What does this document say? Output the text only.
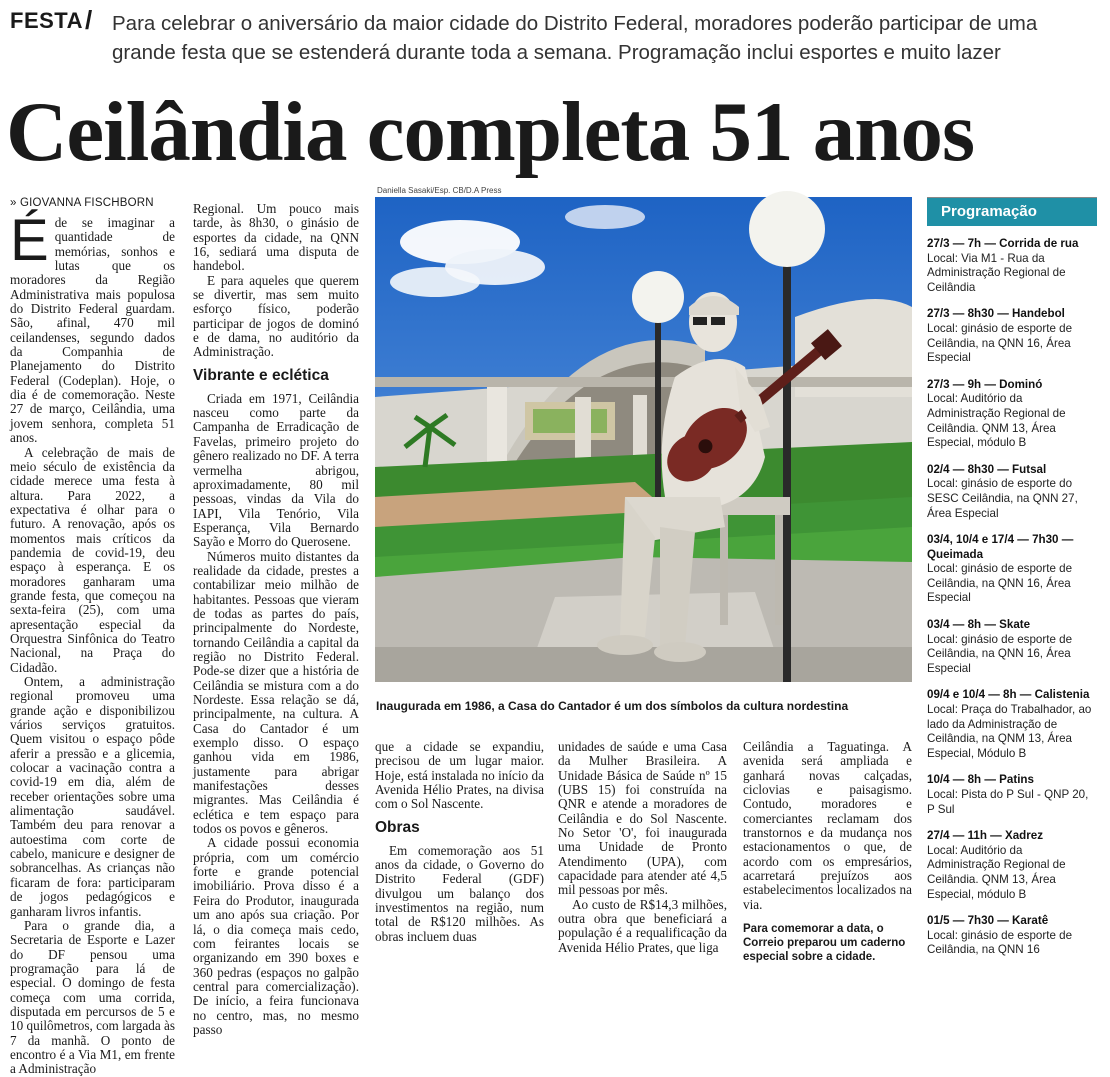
FESTA / Para celebrar o aniversário da maior cidade do Distrito Federal, moradores poderão participar de uma grande festa que se estenderá durante toda a semana. Programação inclui esportes e muito lazer
Ceilândia completa 51 anos
» GIOVANNA FISCHBORN

Éde se imaginar a quantidade de memórias, sonhos e lutas que os moradores da Região Administrativa mais populosa do Distrito Federal guardam. São, afinal, 470 mil ceilandenses, segundo dados da Companhia de Planejamento do Distrito Federal (Codeplan). Hoje, o dia é de comemoração. Neste 27 de março, Ceilândia, uma jovem senhora, completa 51 anos.

A celebração de mais de meio século de existência da cidade merece uma festa à altura. Para 2022, a expectativa é olhar para o futuro. A renovação, após os momentos mais críticos da pandemia de covid-19, deu espaço à esperança. E os moradores ganharam uma grande festa, que começou na sexta-feira (25), com uma apresentação especial da Orquestra Sinfônica do Teatro Nacional, na Praça do Cidadão.

Ontem, a administração regional promoveu uma grande ação e disponibilizou vários serviços gratuitos. Quem visitou o espaço pôde aferir a pressão e a glicemia, colocar a vacinação contra a covid-19 em dia, além de receber orientações sobre uma alimentação saudável. Também deu para renovar a autoestima com corte de cabelo, manicure e designer de sobrancelhas. As crianças não ficaram de fora: participaram de jogos pedagógicos e ganharam livros infantis.

Para o grande dia, a Secretaria de Esporte e Lazer do DF pensou uma programação para lá de especial. O domingo de festa começa com uma corrida, disputada em percursos de 5 e 10 quilômetros, com largada às 7 da manhã. O ponto de encontro é a Via M1, em frente a Administração

Regional. Um pouco mais tarde, às 8h30, o ginásio de esportes da cidade, na QNN 16, sediará uma disputa de handebol.

E para aqueles que querem se divertir, mas sem muito esforço físico, poderão participar de jogos de dominó e de dama, no auditório da Administração.

Vibrante e eclética

Criada em 1971, Ceilândia nasceu como parte da Campanha de Erradicação de Favelas, primeiro projeto do gênero realizado no DF. A terra vermelha abrigou, aproximadamente, 80 mil pessoas, vindas da Vila do IAPI, Vila Tenório, Vila Esperança, Vila Bernardo Sayão e Morro do Querosene.

Números muito distantes da realidade da cidade, prestes a contabilizar meio milhão de habitantes. Pessoas que vieram de todas as partes do país, principalmente do Nordeste, tornando Ceilândia a capital da região no Distrito Federal. Pode-se dizer que a história de Ceilândia se mistura com a do Nordeste. Essa relação se dá, principalmente, na cultura. A Casa do Cantador é um exemplo disso. O espaço ganhou vida em 1986, justamente para abrigar manifestações desses migrantes. Mas Ceilândia é eclética e tem espaço para todos os povos e gêneros.

A cidade possui economia própria, com um comércio forte e grande potencial imobiliário. Prova disso é a Feira do Produtor, inaugurada um ano após sua criação. Por lá, o dia começa mais cedo, com feirantes locais se organizando em 390 boxes e 360 pedras (espaços no galpão central para comercialização). De início, a feira funcionava no centro, mas, no mesmo passo

Daniella Sasaki/Esp. CB/D.A Press
Inaugurada em 1986, a Casa do Cantador é um dos símbolos da cultura nordestina

que a cidade se expandiu, precisou de um lugar maior. Hoje, está instalada no início da Avenida Hélio Prates, na divisa com o Sol Nascente.

Obras

Em comemoração aos 51 anos da cidade, o Governo do Distrito Federal (GDF) divulgou um balanço dos investimentos na região, num total de R$120 milhões. As obras incluem duas

unidades de saúde e uma Casa da Mulher Brasileira. A Unidade Básica de Saúde nº 15 (UBS 15) foi construída na QNR e atende a moradores de Ceilândia e do Sol Nascente. No Setor 'O', foi inaugurada uma Unidade de Pronto Atendimento (UPA), com capacidade para atender até 4,5 mil pessoas por mês.

Ao custo de R$14,3 milhões, outra obra que beneficiará a população é a requalificação da Avenida Hélio Prates, que liga

Ceilândia a Taguatinga. A avenida será ampliada e ganhará novas calçadas, ciclovias e paisagismo. Contudo, moradores e comerciantes reclamam dos transtornos e da mudança nos estacionamentos o que, de acordo com os empresários, acarretará prejuízos aos estabelecimentos localizados na via.

Para comemorar a data, o Correio preparou um caderno especial sobre a cidade.
Programação
27/3 — 7h — Corrida de rua
Local: Via M1 - Rua da Administração Regional de Ceilândia
27/3 — 8h30 — Handebol
Local: ginásio de esporte de Ceilândia, na QNN 16, Área Especial
27/3 — 9h — Dominó
Local: Auditório da Administração Regional de Ceilândia. QNM 13, Área Especial, módulo B
02/4 — 8h30 — Futsal
Local: ginásio de esporte do SESC Ceilândia, na QNN 27, Área Especial
03/4, 10/4 e 17/4 — 7h30 — Queimada
Local: ginásio de esporte de Ceilândia, na QNN 16, Área Especial
03/4 — 8h — Skate
Local: ginásio de esporte de Ceilândia, na QNN 16, Área Especial
09/4 e 10/4 — 8h — Calistenia
Local: Praça do Trabalhador, ao lado da Administração de Ceilândia, na QNM 13, Área Especial, Módulo B
10/4 — 8h — Patins
Local: Pista do P Sul - QNP 20, P Sul
27/4 — 11h — Xadrez
Local: Auditório da Administração Regional de Ceilândia. QNM 13, Área Especial, módulo B
01/5 — 7h30 — Karatê
Local: ginásio de esporte de Ceilândia, na QNN 16
